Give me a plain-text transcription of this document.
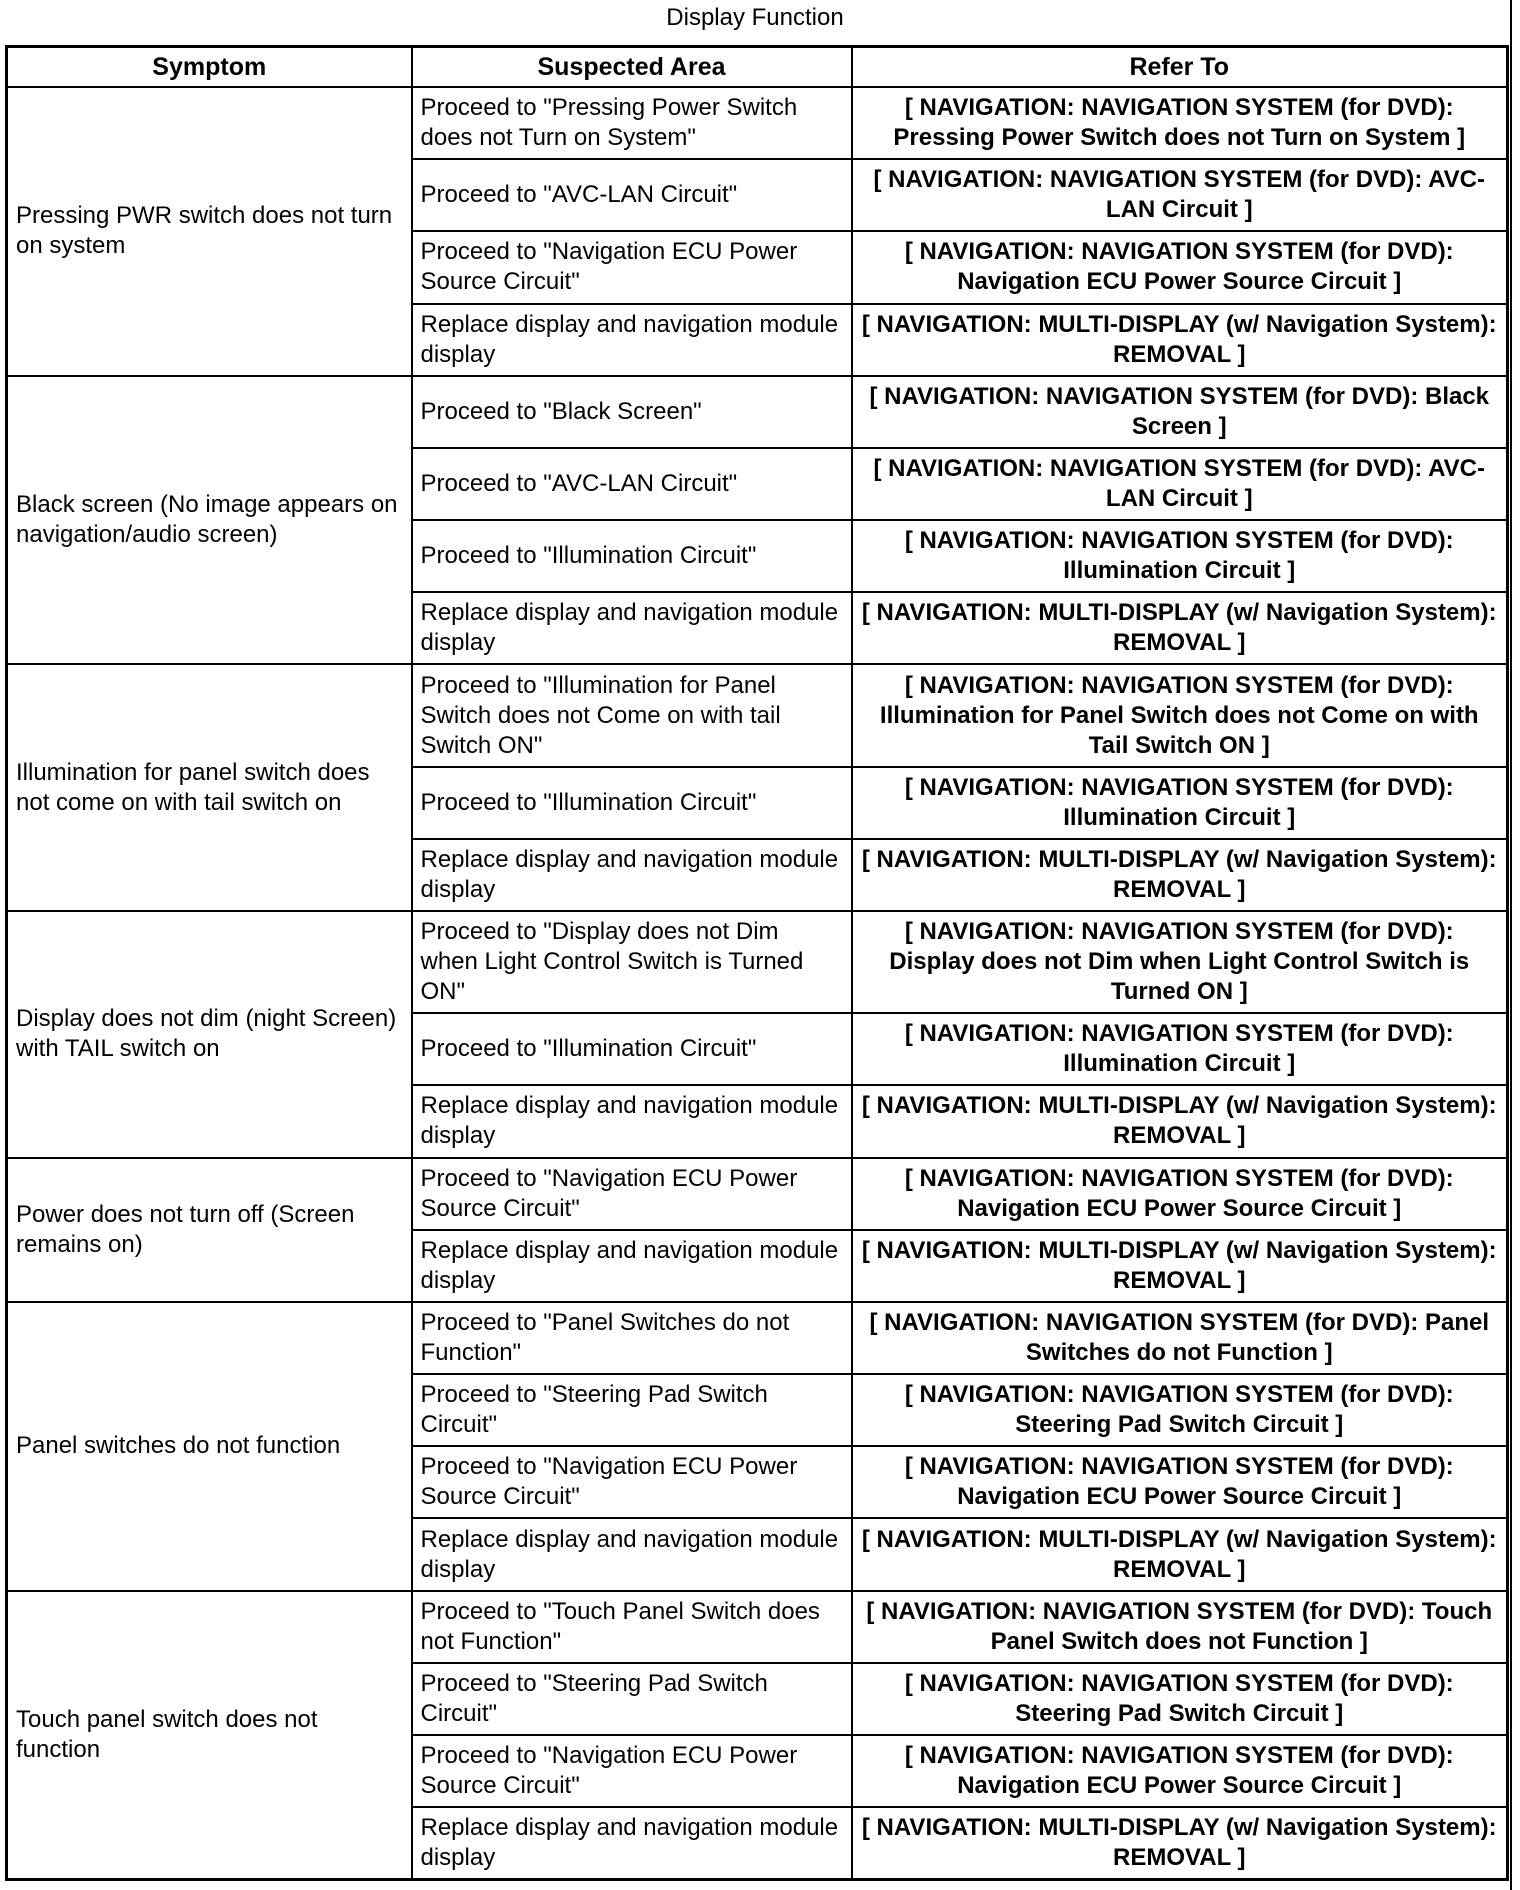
Display Function
Symptom	Suspected Area	Refer To
Pressing PWR switch does not turn on system	Proceed to "Pressing Power Switch does not Turn on System"	[ NAVIGATION: NAVIGATION SYSTEM (for DVD): Pressing Power Switch does not Turn on System ]
	Proceed to "AVC-LAN Circuit"	[ NAVIGATION: NAVIGATION SYSTEM (for DVD): AVC-LAN Circuit ]
	Proceed to "Navigation ECU Power Source Circuit"	[ NAVIGATION: NAVIGATION SYSTEM (for DVD): Navigation ECU Power Source Circuit ]
	Replace display and navigation module display	[ NAVIGATION: MULTI-DISPLAY (w/ Navigation System): REMOVAL ]
Black screen (No image appears on navigation/audio screen)	Proceed to "Black Screen"	[ NAVIGATION: NAVIGATION SYSTEM (for DVD): Black Screen ]
	Proceed to "AVC-LAN Circuit"	[ NAVIGATION: NAVIGATION SYSTEM (for DVD): AVC-LAN Circuit ]
	Proceed to "Illumination Circuit"	[ NAVIGATION: NAVIGATION SYSTEM (for DVD): Illumination Circuit ]
	Replace display and navigation module display	[ NAVIGATION: MULTI-DISPLAY (w/ Navigation System): REMOVAL ]
Illumination for panel switch does not come on with tail switch on	Proceed to "Illumination for Panel Switch does not Come on with tail Switch ON"	[ NAVIGATION: NAVIGATION SYSTEM (for DVD): Illumination for Panel Switch does not Come on with Tail Switch ON ]
	Proceed to "Illumination Circuit"	[ NAVIGATION: NAVIGATION SYSTEM (for DVD): Illumination Circuit ]
	Replace display and navigation module display	[ NAVIGATION: MULTI-DISPLAY (w/ Navigation System): REMOVAL ]
Display does not dim (night Screen) with TAIL switch on	Proceed to "Display does not Dim when Light Control Switch is Turned ON"	[ NAVIGATION: NAVIGATION SYSTEM (for DVD): Display does not Dim when Light Control Switch is Turned ON ]
	Proceed to "Illumination Circuit"	[ NAVIGATION: NAVIGATION SYSTEM (for DVD): Illumination Circuit ]
	Replace display and navigation module display	[ NAVIGATION: MULTI-DISPLAY (w/ Navigation System): REMOVAL ]
Power does not turn off (Screen remains on)	Proceed to "Navigation ECU Power Source Circuit"	[ NAVIGATION: NAVIGATION SYSTEM (for DVD): Navigation ECU Power Source Circuit ]
	Replace display and navigation module display	[ NAVIGATION: MULTI-DISPLAY (w/ Navigation System): REMOVAL ]
Panel switches do not function	Proceed to "Panel Switches do not Function"	[ NAVIGATION: NAVIGATION SYSTEM (for DVD): Panel Switches do not Function ]
	Proceed to "Steering Pad Switch Circuit"	[ NAVIGATION: NAVIGATION SYSTEM (for DVD): Steering Pad Switch Circuit ]
	Proceed to "Navigation ECU Power Source Circuit"	[ NAVIGATION: NAVIGATION SYSTEM (for DVD): Navigation ECU Power Source Circuit ]
	Replace display and navigation module display	[ NAVIGATION: MULTI-DISPLAY (w/ Navigation System): REMOVAL ]
Touch panel switch does not function	Proceed to "Touch Panel Switch does not Function"	[ NAVIGATION: NAVIGATION SYSTEM (for DVD): Touch Panel Switch does not Function ]
	Proceed to "Steering Pad Switch Circuit"	[ NAVIGATION: NAVIGATION SYSTEM (for DVD): Steering Pad Switch Circuit ]
	Proceed to "Navigation ECU Power Source Circuit"	[ NAVIGATION: NAVIGATION SYSTEM (for DVD): Navigation ECU Power Source Circuit ]
	Replace display and navigation module display	[ NAVIGATION: MULTI-DISPLAY (w/ Navigation System): REMOVAL ]
